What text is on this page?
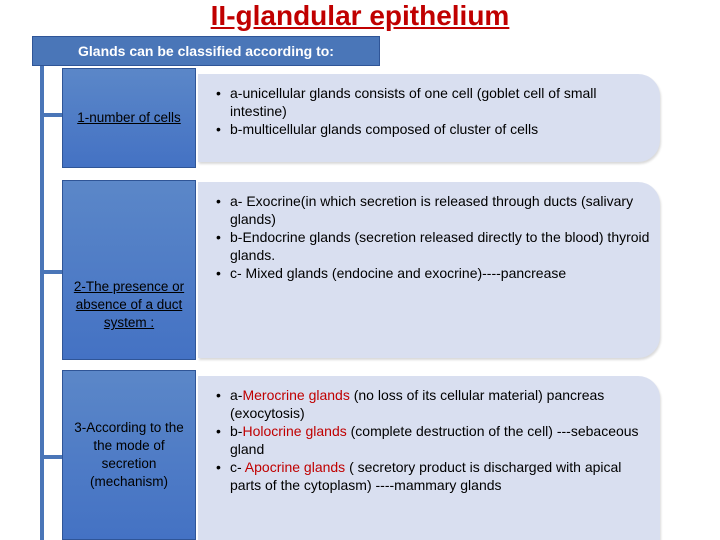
II-glandular epithelium
Glands can be classified according to:
1-number of cells
• a-unicellular glands consists of one cell (goblet cell of small intestine)
• b-multicellular glands composed of cluster of cells
2-The presence or absence of a duct system :
• a- Exocrine(in which secretion is released through ducts (salivary glands)
• b-Endocrine glands (secretion released directly to the blood) thyroid glands.
• c- Mixed glands (endocine and exocrine)----pancrease
3-According to the the mode of secretion (mechanism)
• a-Merocrine glands (no loss of its cellular material) pancreas (exocytosis)
• b-Holocrine glands (complete destruction of the cell) ---sebaceous gland
• c- Apocrine glands ( secretory product is discharged with apical parts of the cytoplasm) ----mammary glands
